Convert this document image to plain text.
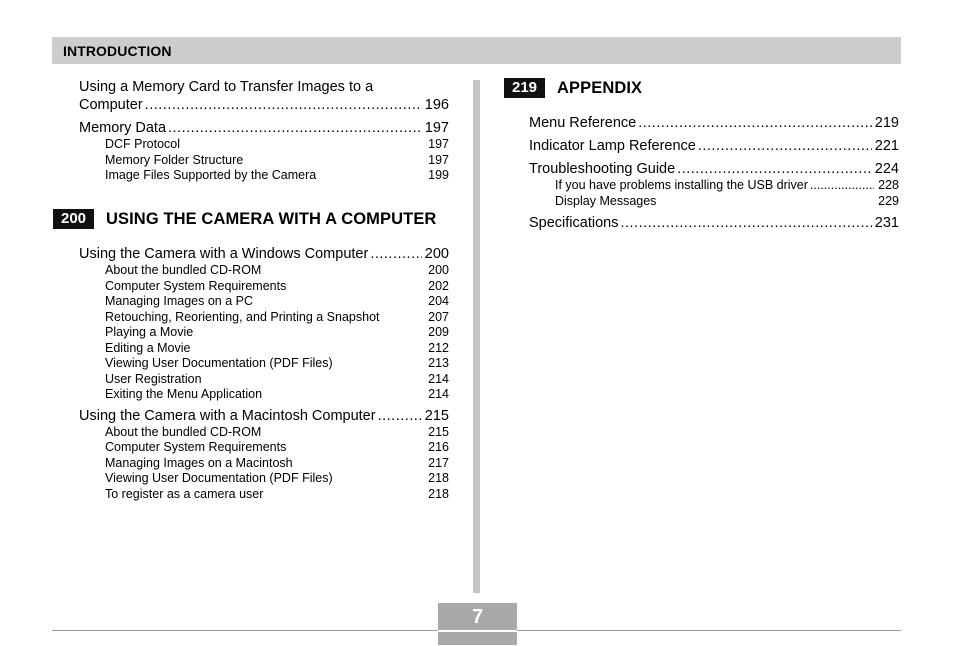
INTRODUCTION
Using a Memory Card to Transfer Images to a
Computer .....	196
Memory Data .....	197
DCF Protocol	197
Memory Folder Structure	197
Image Files Supported by the Camera	199
200	USING THE CAMERA WITH A COMPUTER
Using the Camera with a Windows Computer .....	200
About the bundled CD-ROM	200
Computer System Requirements	202
Managing Images on a PC	204
Retouching, Reorienting, and Printing a Snapshot	207
Playing a Movie	209
Editing a Movie	212
Viewing User Documentation (PDF Files)	213
User Registration	214
Exiting the Menu Application	214
Using the Camera with a Macintosh Computer .....	215
About the bundled CD-ROM	215
Computer System Requirements	216
Managing Images on a Macintosh	217
Viewing User Documentation (PDF Files)	218
To register as a camera user	218
219	APPENDIX
Menu Reference .....	219
Indicator Lamp Reference .....	221
Troubleshooting Guide .....	224
If you have problems installing the USB driver .....	228
Display Messages	229
Specifications .....	231
7
